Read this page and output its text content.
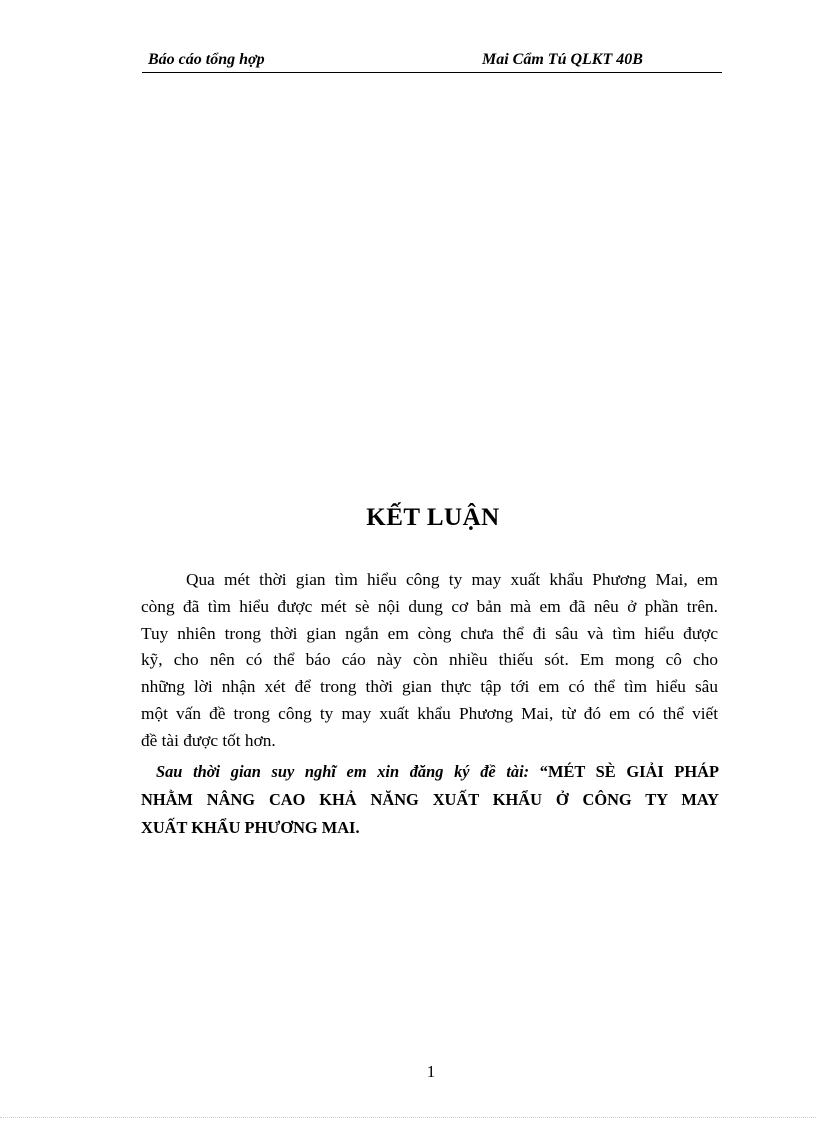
Báo cáo tổng hợp	Mai Cẩm Tú QLKT 40B
KẾT LUẬN
Qua mét thời gian tìm hiểu công ty may xuất khẩu Phương Mai, em
còng đã tìm hiểu được mét sè nội dung cơ bản mà em đã nêu ở phần trên.
Tuy nhiên trong thời gian ngắn em còng chưa thể đi sâu và tìm hiểu được
kỹ, cho nên có thể báo cáo này còn nhiều thiếu sót. Em mong cô cho
những lời nhận xét để trong thời gian thực tập tới em có thể tìm hiểu sâu
một vấn đề trong công ty may xuất khẩu Phương Mai, từ đó em có thể viết
đề tài được tốt hơn.
Sau thời gian suy nghĩ em xin đăng ký đề tài: “MÉT SÈ GIẢI PHÁP
NHẰM NÂNG CAO KHẢ NĂNG XUẤT KHẨU Ở CÔNG TY MAY
XUẤT KHẨU PHƯƠNG MAI.
1
